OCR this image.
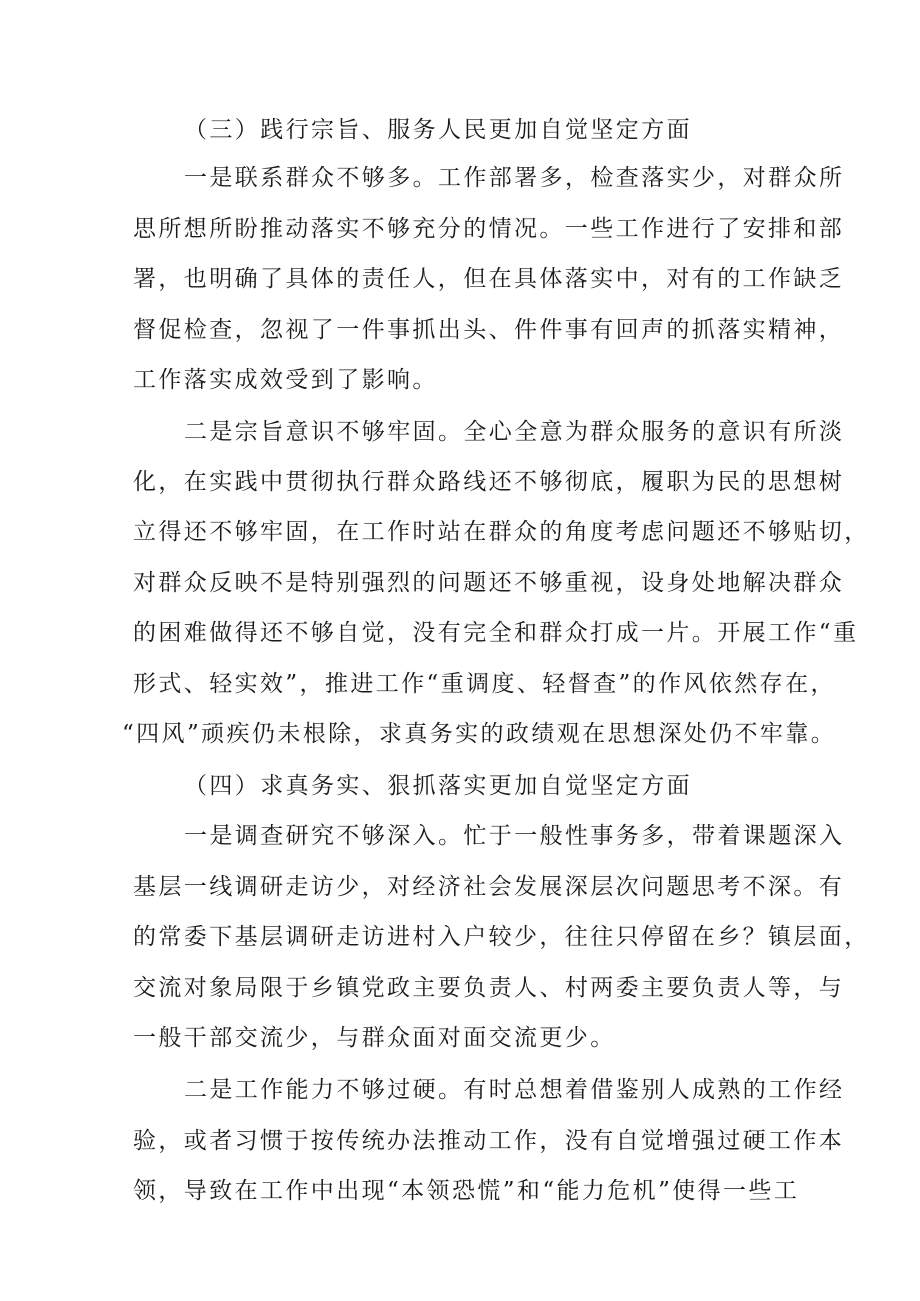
（三）践行宗旨、服务人民更加自觉坚定方面
一是联系群众不够多。工作部署多，检查落实少，对群众所
思所想所盼推动落实不够充分的情况。一些工作进行了安排和部
署，也明确了具体的责任人，但在具体落实中，对有的工作缺乏
督促检查，忽视了一件事抓出头、件件事有回声的抓落实精神，
工作落实成效受到了影响。
二是宗旨意识不够牢固。全心全意为群众服务的意识有所淡
化，在实践中贯彻执行群众路线还不够彻底，履职为民的思想树
立得还不够牢固，在工作时站在群众的角度考虑问题还不够贴切，
对群众反映不是特别强烈的问题还不够重视，设身处地解决群众
的困难做得还不够自觉，没有完全和群众打成一片。开展工作“重
形式、轻实效”，推进工作“重调度、轻督查”的作风依然存在，
“四风”顽疾仍未根除，求真务实的政绩观在思想深处仍不牢靠。
（四）求真务实、狠抓落实更加自觉坚定方面
一是调查研究不够深入。忙于一般性事务多，带着课题深入
基层一线调研走访少，对经济社会发展深层次问题思考不深。有
的常委下基层调研走访进村入户较少，往往只停留在乡？镇层面，
交流对象局限于乡镇党政主要负责人、村两委主要负责人等，与
一般干部交流少，与群众面对面交流更少。
二是工作能力不够过硬。有时总想着借鉴别人成熟的工作经
验，或者习惯于按传统办法推动工作，没有自觉增强过硬工作本
领，导致在工作中出现“本领恐慌”和“能力危机”使得一些工
